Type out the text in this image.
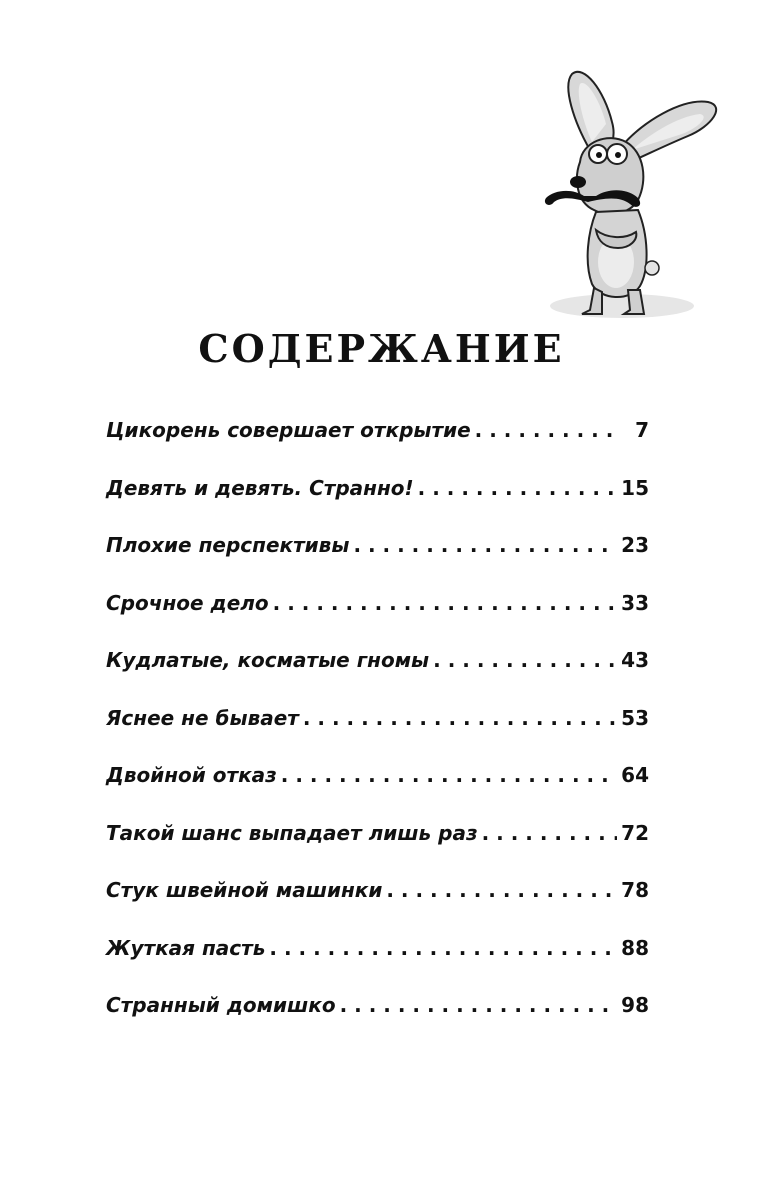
СОДЕРЖАНИЕ
Цикорень совершает открытие . . .	7
Девять и девять. Странно! . . .	15
Плохие перспективы . . .	23
Срочное дело . . .	33
Кудлатые, косматые гномы . . .	43
Яснее не бывает . . .	53
Двойной отказ . . .	64
Такой шанс выпадает лишь раз . . .	72
Стук швейной машинки . . .	78
Жуткая пасть . . .	88
Странный домишко . . .	98
